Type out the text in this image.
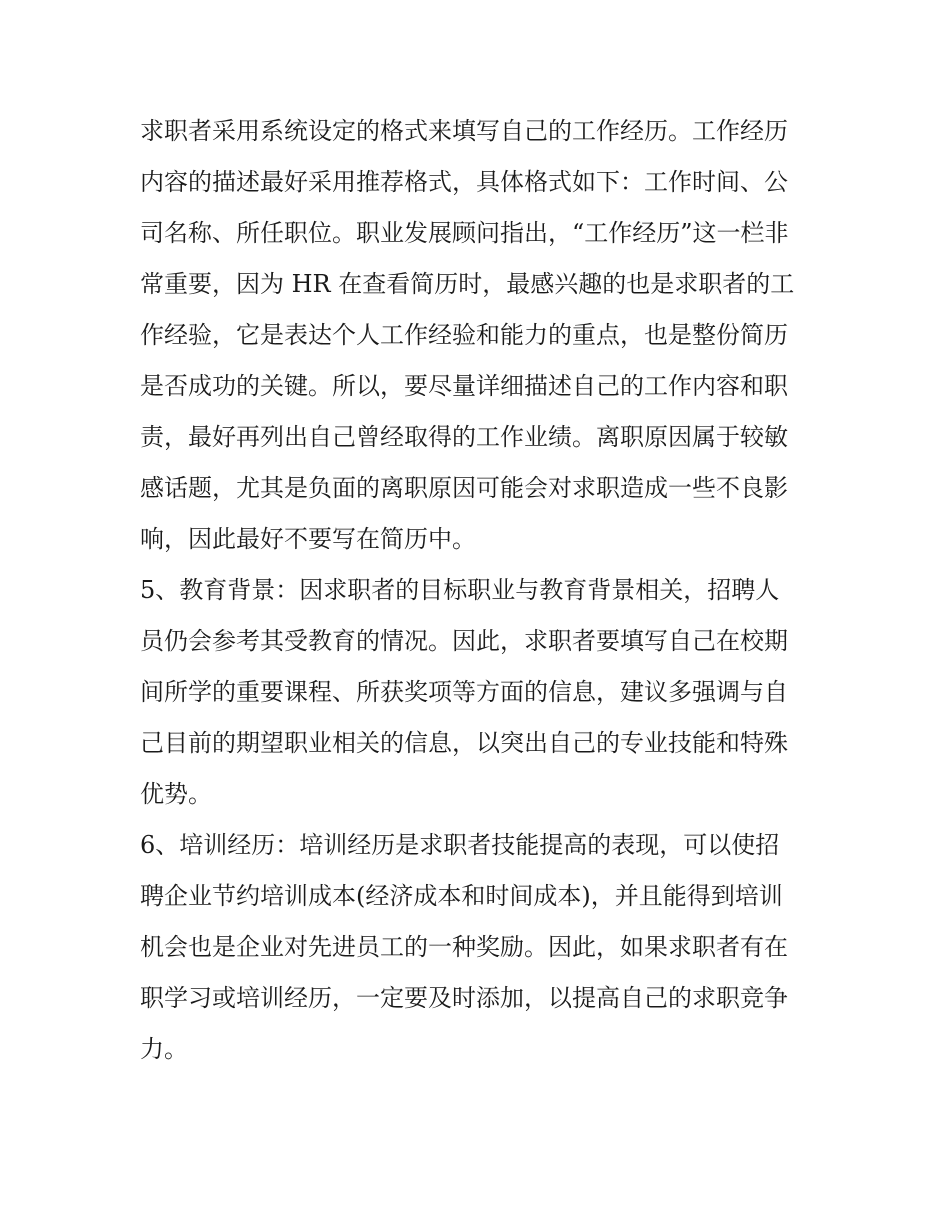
求职者采用系统设定的格式来填写自己的工作经历。工作经历
内容的描述最好采用推荐格式，具体格式如下：工作时间、公
司名称、所任职位。职业发展顾问指出，“工作经历”这一栏非
常重要，因为 HR 在查看简历时，最感兴趣的也是求职者的工
作经验，它是表达个人工作经验和能力的重点，也是整份简历
是否成功的关键。所以，要尽量详细描述自己的工作内容和职
责，最好再列出自己曾经取得的工作业绩。离职原因属于较敏
感话题，尤其是负面的离职原因可能会对求职造成一些不良影
响，因此最好不要写在简历中。
5、教育背景：因求职者的目标职业与教育背景相关，招聘人
员仍会参考其受教育的情况。因此，求职者要填写自己在校期
间所学的重要课程、所获奖项等方面的信息，建议多强调与自
己目前的期望职业相关的信息，以突出自己的专业技能和特殊
优势。
6、培训经历：培训经历是求职者技能提高的表现，可以使招
聘企业节约培训成本(经济成本和时间成本)，并且能得到培训
机会也是企业对先进员工的一种奖励。因此，如果求职者有在
职学习或培训经历，一定要及时添加，以提高自己的求职竞争
力。
